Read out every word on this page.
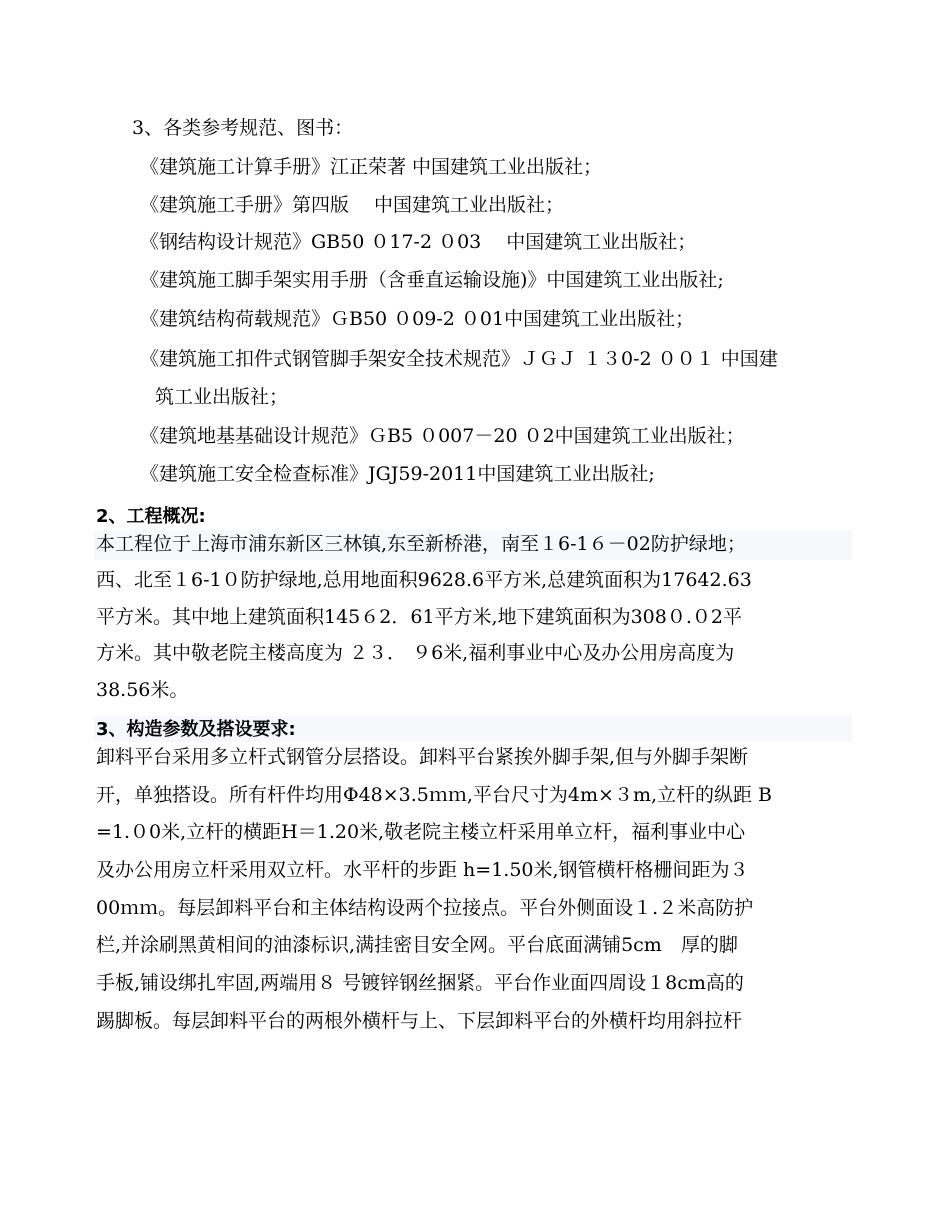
3、各类参考规范、图书：
《建筑施工计算手册》江正荣著 中国建筑工业出版社；
《建筑施工手册》第四版　 中国建筑工业出版社；
《钢结构设计规范》GB50 ０17-2 ０03　 中国建筑工业出版社；
《建筑施工脚手架实用手册（含垂直运输设施)》中国建筑工业出版社;
《建筑结构荷载规范》ＧB50 ０09-2 ０01中国建筑工业出版社；
《建筑施工扣件式钢管脚手架安全技术规范》ＪＧＪ １３0-2 ００１ 中国建
筑工业出版社；
《建筑地基基础设计规范》ＧB5 ０007－20 ０2中国建筑工业出版社；
《建筑施工安全检查标准》JGJ59-2011中国建筑工业出版社;
2、工程概况:
本工程位于上海市浦东新区三林镇,东至新桥港，南至１6-1６－02防护绿地；
西、北至１6-1０防护绿地,总用地面积9628.6平方米,总建筑面积为17642.63
平方米。其中地上建筑面积145６2．61平方米,地下建筑面积为308０.０2平
方米。其中敬老院主楼高度为 ２３． ９6米,福利事业中心及办公用房高度为
38.56米。
3、构造参数及搭设要求:
卸料平台采用多立杆式钢管分层搭设。卸料平台紧挨外脚手架,但与外脚手架断
开，单独搭设。所有杆件均用Φ48×3.5ｍｍ,平台尺寸为4m×３m,立杆的纵距 B
=1.０0米,立杆的横距H＝1.20米,敬老院主楼立杆采用单立杆，福利事业中心
及办公用房立杆采用双立杆。水平杆的步距 h=1.50米,钢管横杆格栅间距为３
00ｍｍ。每层卸料平台和主体结构设两个拉接点。平台外侧面设１.２米高防护
栏,并涂刷黑黄相间的油漆标识,满挂密目安全网。平台底面满铺5cm　厚的脚
手板,铺设绑扎牢固,两端用８ 号镀锌钢丝捆紧。平台作业面四周设１8cm高的
踢脚板。每层卸料平台的两根外横杆与上、下层卸料平台的外横杆均用斜拉杆
